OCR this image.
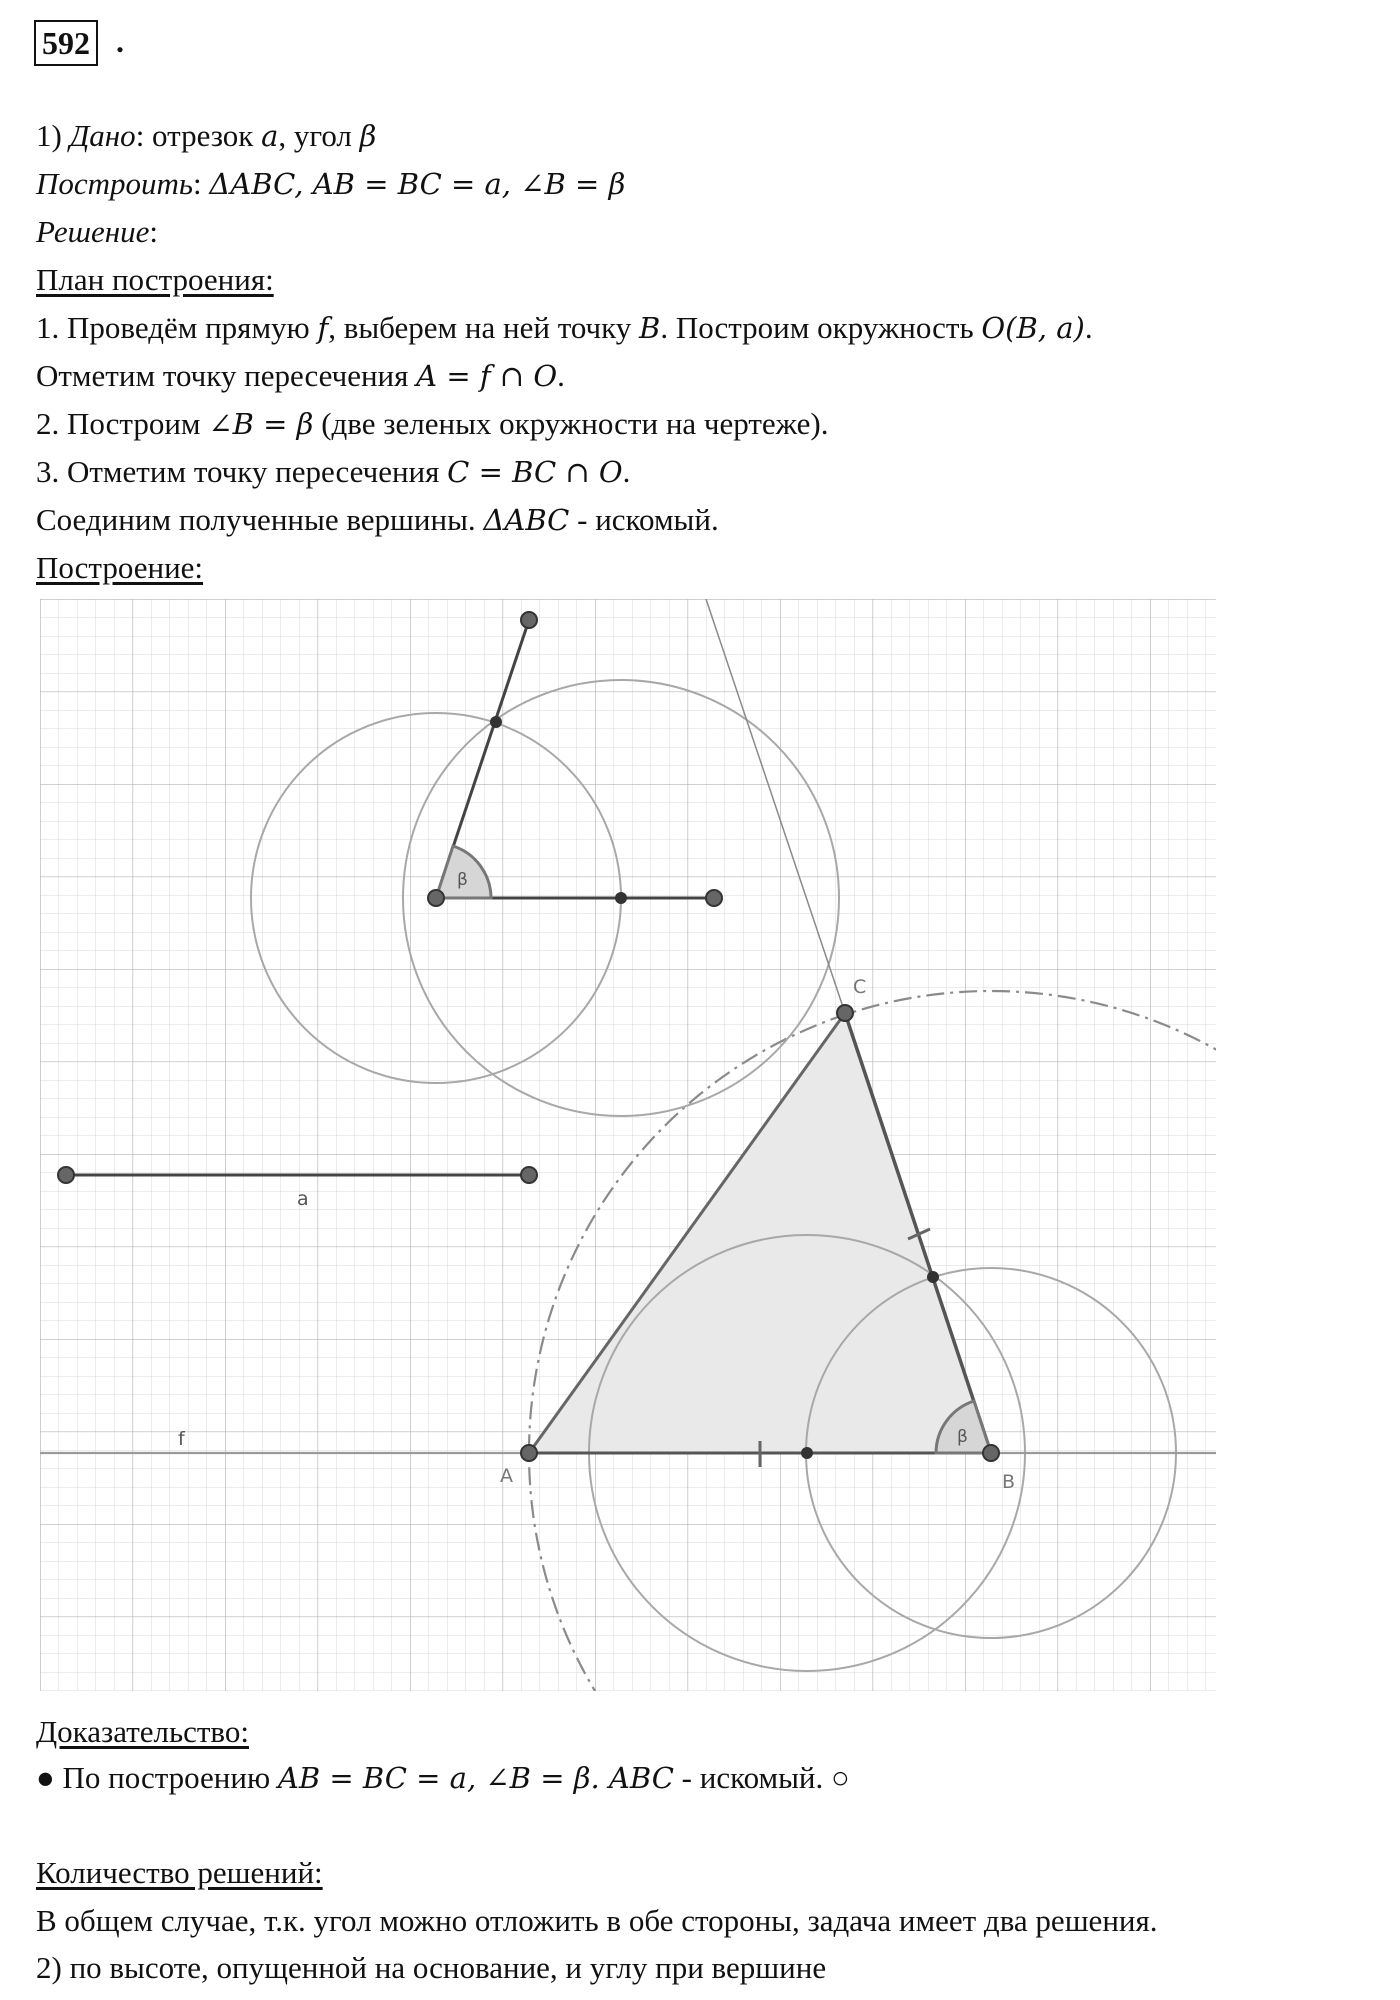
592 .
1) Дано: отрезок a, угол β
Построить: ΔABC, AB = BC = a, ∠B = β
Решение:
План построения:
1. Проведём прямую f, выберем на ней точку B. Построим окружность O(B, a).
Отметим точку пересечения A = f ∩ O.
2. Построим ∠B = β (две зеленых окружности на чертеже).
3. Отметим точку пересечения C = BC ∩ O.
Соединим полученные вершины. ΔABC - искомый.
Построение:
β
β
a
f
A	B
C
Доказательство:
● По построению AB = BC = a, ∠B = β. ABC - искомый. ○
Количество решений:
В общем случае, т.к. угол можно отложить в обе стороны, задача имеет два решения.
2) по высоте, опущенной на основание, и углу при вершине
